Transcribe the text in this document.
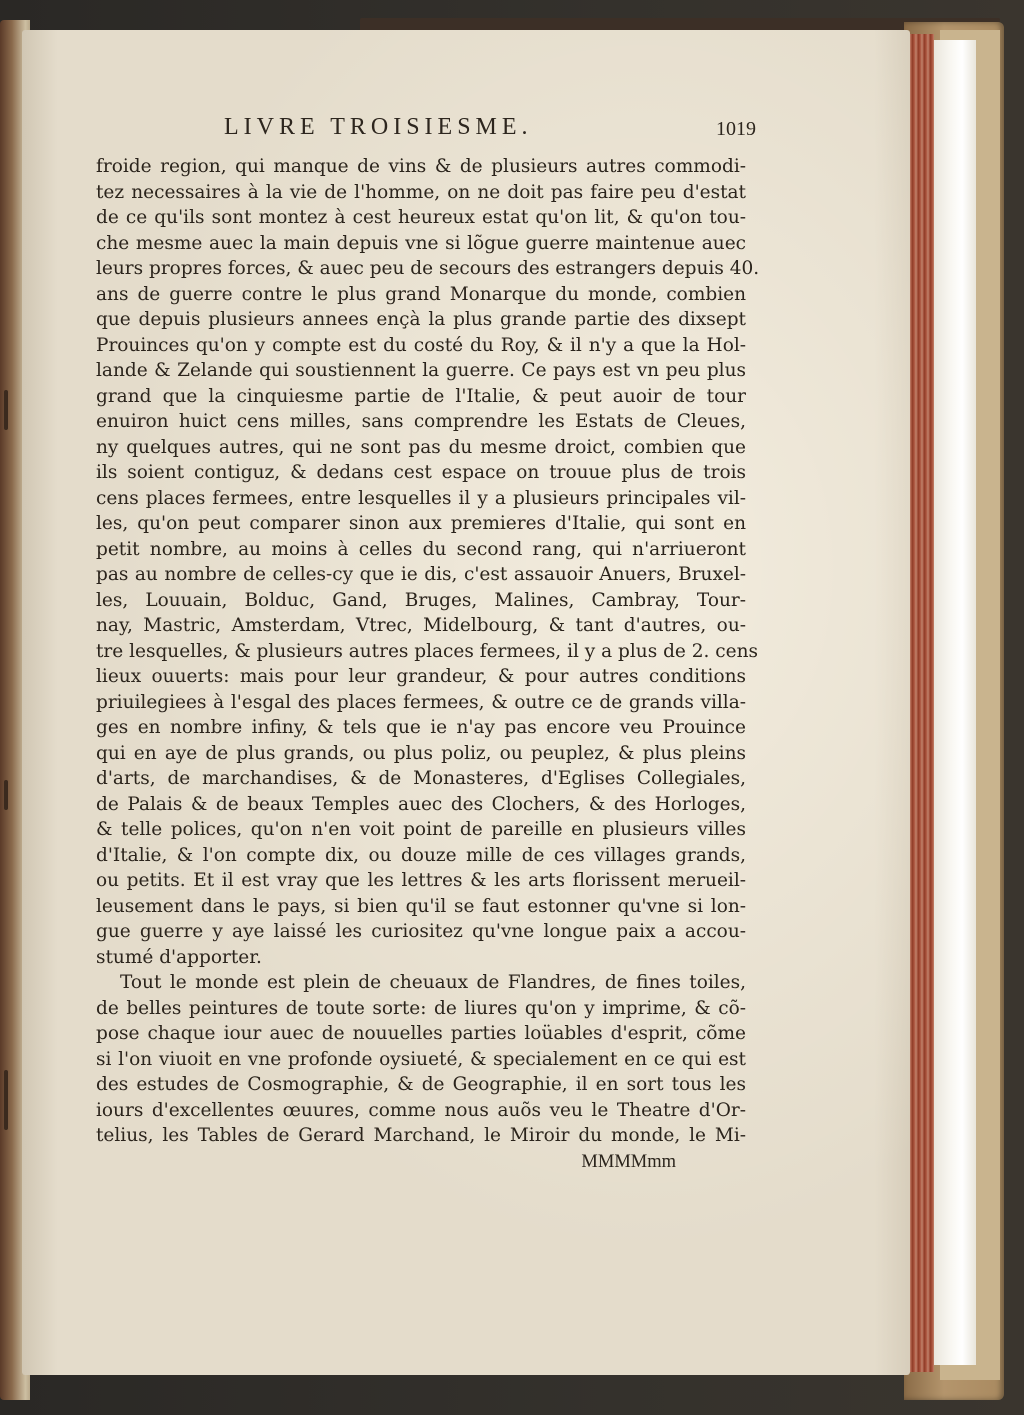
LIVRE TROISIESME.	1019
froide region, qui manque de vins & de plusieurs autres commodi-
tez necessaires à la vie de l'homme, on ne doit pas faire peu d'estat
de ce qu'ils sont montez à cest heureux estat qu'on lit, & qu'on tou-
che mesme auec la main depuis vne si lõgue guerre maintenue auec
leurs propres forces, & auec peu de secours des estrangers depuis 40.
ans de guerre contre le plus grand Monarque du monde, combien
que depuis plusieurs annees ençà la plus grande partie des dixsept
Prouinces qu'on y compte est du costé du Roy, & il n'y a que la Hol-
lande & Zelande qui soustiennent la guerre. Ce pays est vn peu plus
grand que la cinquiesme partie de l'Italie, & peut auoir de tour
enuiron huict cens milles, sans comprendre les Estats de Cleues,
ny quelques autres, qui ne sont pas du mesme droict, combien que
ils soient contiguz, & dedans cest espace on trouue plus de trois
cens places fermees, entre lesquelles il y a plusieurs principales vil-
les, qu'on peut comparer sinon aux premieres d'Italie, qui sont en
petit nombre, au moins à celles du second rang, qui n'arriueront
pas au nombre de celles-cy que ie dis, c'est assauoir Anuers, Bruxel-
les, Louuain, Bolduc, Gand, Bruges, Malines, Cambray, Tour-
nay, Mastric, Amsterdam, Vtrec, Midelbourg, & tant d'autres, ou-
tre lesquelles, & plusieurs autres places fermees, il y a plus de 2. cens
lieux ouuerts: mais pour leur grandeur, & pour autres conditions
priuilegiees à l'esgal des places fermees, & outre ce de grands villa-
ges en nombre infiny, & tels que ie n'ay pas encore veu Prouince
qui en aye de plus grands, ou plus poliz, ou peuplez, & plus pleins
d'arts, de marchandises, & de Monasteres, d'Eglises Collegiales,
de Palais & de beaux Temples auec des Clochers, & des Horloges,
& telle polices, qu'on n'en voit point de pareille en plusieurs villes
d'Italie, & l'on compte dix, ou douze mille de ces villages grands,
ou petits. Et il est vray que les lettres & les arts florissent merueil-
leusement dans le pays, si bien qu'il se faut estonner qu'vne si lon-
gue guerre y aye laissé les curiositez qu'vne longue paix a accou-
stumé d'apporter.
Tout le monde est plein de cheuaux de Flandres, de fines toiles,
de belles peintures de toute sorte: de liures qu'on y imprime, & cõ-
pose chaque iour auec de nouuelles parties loüables d'esprit, cõme
si l'on viuoit en vne profonde oysiueté, & specialement en ce qui est
des estudes de Cosmographie, & de Geographie, il en sort tous les
iours d'excellentes œuures, comme nous auõs veu le Theatre d'Or-
telius, les Tables de Gerard Marchand, le Miroir du monde, le Mi-
MMMMmm
